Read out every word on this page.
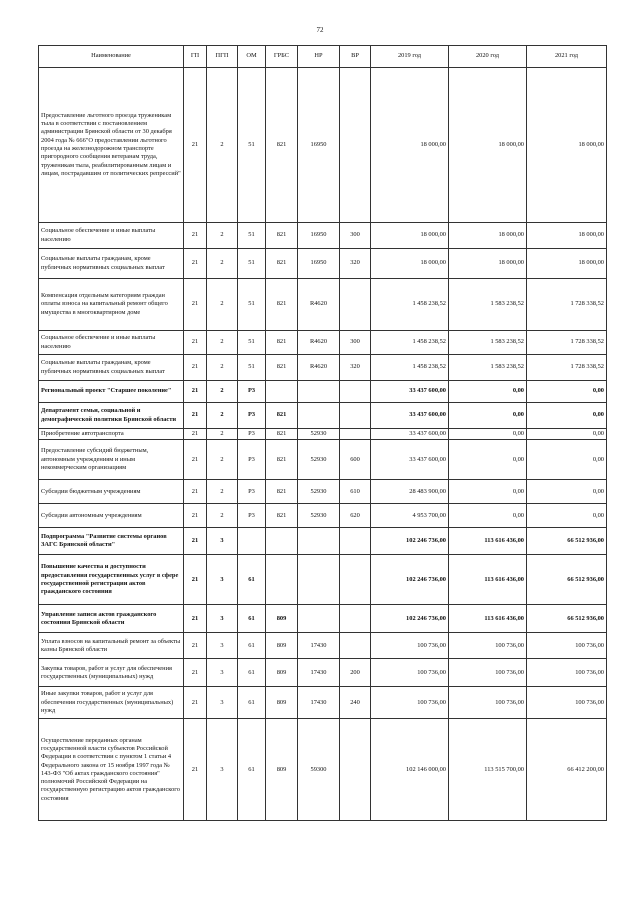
72
Наименование	ГП	ПГП	ОМ	ГРБС	НР	ВР	2019 год	2020 год	2021 год
Предоставление льготного проезда труженикам тыла в соответствии с постановлением администрации Брянской области от 30 декабря 2004 года № 666"О предоставлении льготного проезда на железнодорожном транспорте пригородного сообщения ветеранам труда, труженикам тыла, реабилитированным лицам и лицам, пострадавшим от политических репрессий"	21	2	51	821	16950		18 000,00	18 000,00	18 000,00
Социальное обеспечение и иные выплаты населению	21	2	51	821	16950	300	18 000,00	18 000,00	18 000,00
Социальные выплаты гражданам, кроме публичных нормативных социальных выплат	21	2	51	821	16950	320	18 000,00	18 000,00	18 000,00
Компенсация отдельным категориям граждан оплаты взноса на капитальный ремонт общего имущества в многоквартирном доме	21	2	51	821	R4620		1 458 238,52	1 583 238,52	1 728 338,52
Социальное обеспечение и иные выплаты населению	21	2	51	821	R4620	300	1 458 238,52	1 583 238,52	1 728 338,52
Социальные выплаты гражданам, кроме публичных нормативных социальных выплат	21	2	51	821	R4620	320	1 458 238,52	1 583 238,52	1 728 338,52
Региональный проект "Старшее поколение"	21	2	P3				33 437 600,00	0,00	0,00
Департамент семьи, социальной и демографической политики Брянской области	21	2	P3	821			33 437 600,00	0,00	0,00
Приобретение автотранспорта	21	2	P3	821	52930		33 437 600,00	0,00	0,00
Предоставление субсидий бюджетным, автономным учреждениям и иным некоммерческим организациям	21	2	P3	821	52930	600	33 437 600,00	0,00	0,00
Субсидии бюджетным учреждениям	21	2	P3	821	52930	610	28 483 900,00	0,00	0,00
Субсидии автономным учреждениям	21	2	P3	821	52930	620	4 953 700,00	0,00	0,00
Подпрограмма "Развитие системы органов ЗАГС Брянской области"	21	3					102 246 736,00	113 616 436,00	66 512 936,00
Повышение качества и доступности предоставления государственных услуг в сфере государственной регистрации актов гражданского состояния	21	3	61				102 246 736,00	113 616 436,00	66 512 936,00
Управление записи актов гражданского состояния Брянской области	21	3	61	809			102 246 736,00	113 616 436,00	66 512 936,00
Уплата взносов на капитальный ремонт за объекты казны Брянской области	21	3	61	809	17430		100 736,00	100 736,00	100 736,00
Закупка товаров, работ и услуг для обеспечения государственных (муниципальных) нужд	21	3	61	809	17430	200	100 736,00	100 736,00	100 736,00
Иные закупки товаров, работ и услуг для обеспечения государственных (муниципальных) нужд	21	3	61	809	17430	240	100 736,00	100 736,00	100 736,00
Осуществление переданных органам государственной власти субъектов Российской Федерации в соответствии с пунктом 1 статьи 4 Федерального закона от 15 ноября 1997 года № 143-ФЗ "Об актах гражданского состояния" полномочий Российской Федерации на государственную регистрацию актов гражданского состояния	21	3	61	809	59300		102 146 000,00	113 515 700,00	66 412 200,00
